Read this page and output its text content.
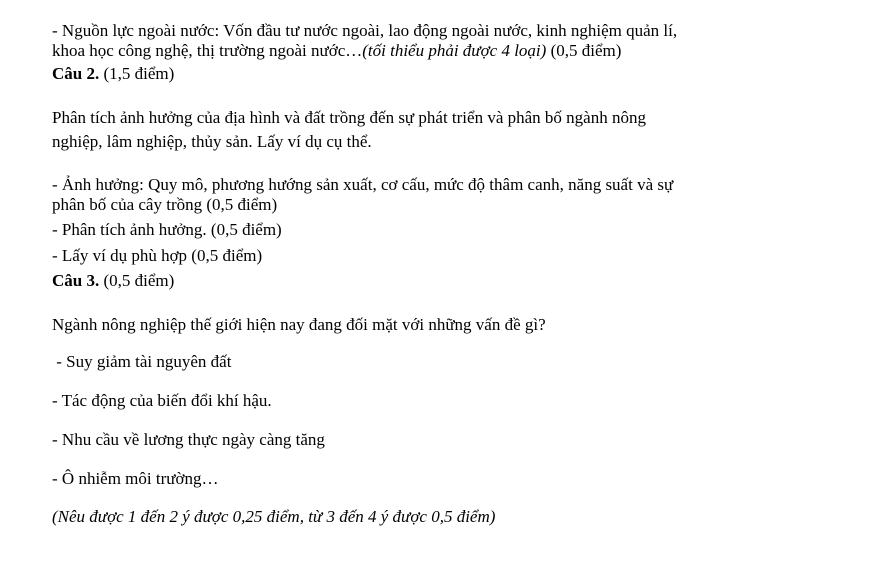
- Nguồn lực ngoài nước: Vốn đầu tư nước ngoài, lao động ngoài nước, kinh nghiệm quản lí,
khoa học công nghệ, thị trường ngoài nước…(tối thiểu phải được 4 loại) (0,5 điểm)
Câu 2. (1,5 điểm)
Phân tích ảnh hưởng của địa hình và đất trồng đến sự phát triển và phân bố ngành nông
nghiệp, lâm nghiệp, thủy sản. Lấy ví dụ cụ thể.
- Ảnh hưởng: Quy mô, phương hướng sản xuất, cơ cấu, mức độ thâm canh, năng suất và sự
phân bố của cây trồng (0,5 điểm)
- Phân tích ảnh hưởng. (0,5 điểm)
- Lấy ví dụ phù hợp (0,5 điểm)
Câu 3. (0,5 điểm)
Ngành nông nghiệp thế giới hiện nay đang đối mặt với những vấn đề gì?
- Suy giảm tài nguyên đất
- Tác động của biến đổi khí hậu.
- Nhu cầu về lương thực ngày càng tăng
- Ô nhiễm môi trường…
(Nêu được 1 đến 2 ý được 0,25 điểm, từ 3 đến 4 ý được 0,5 điểm)
